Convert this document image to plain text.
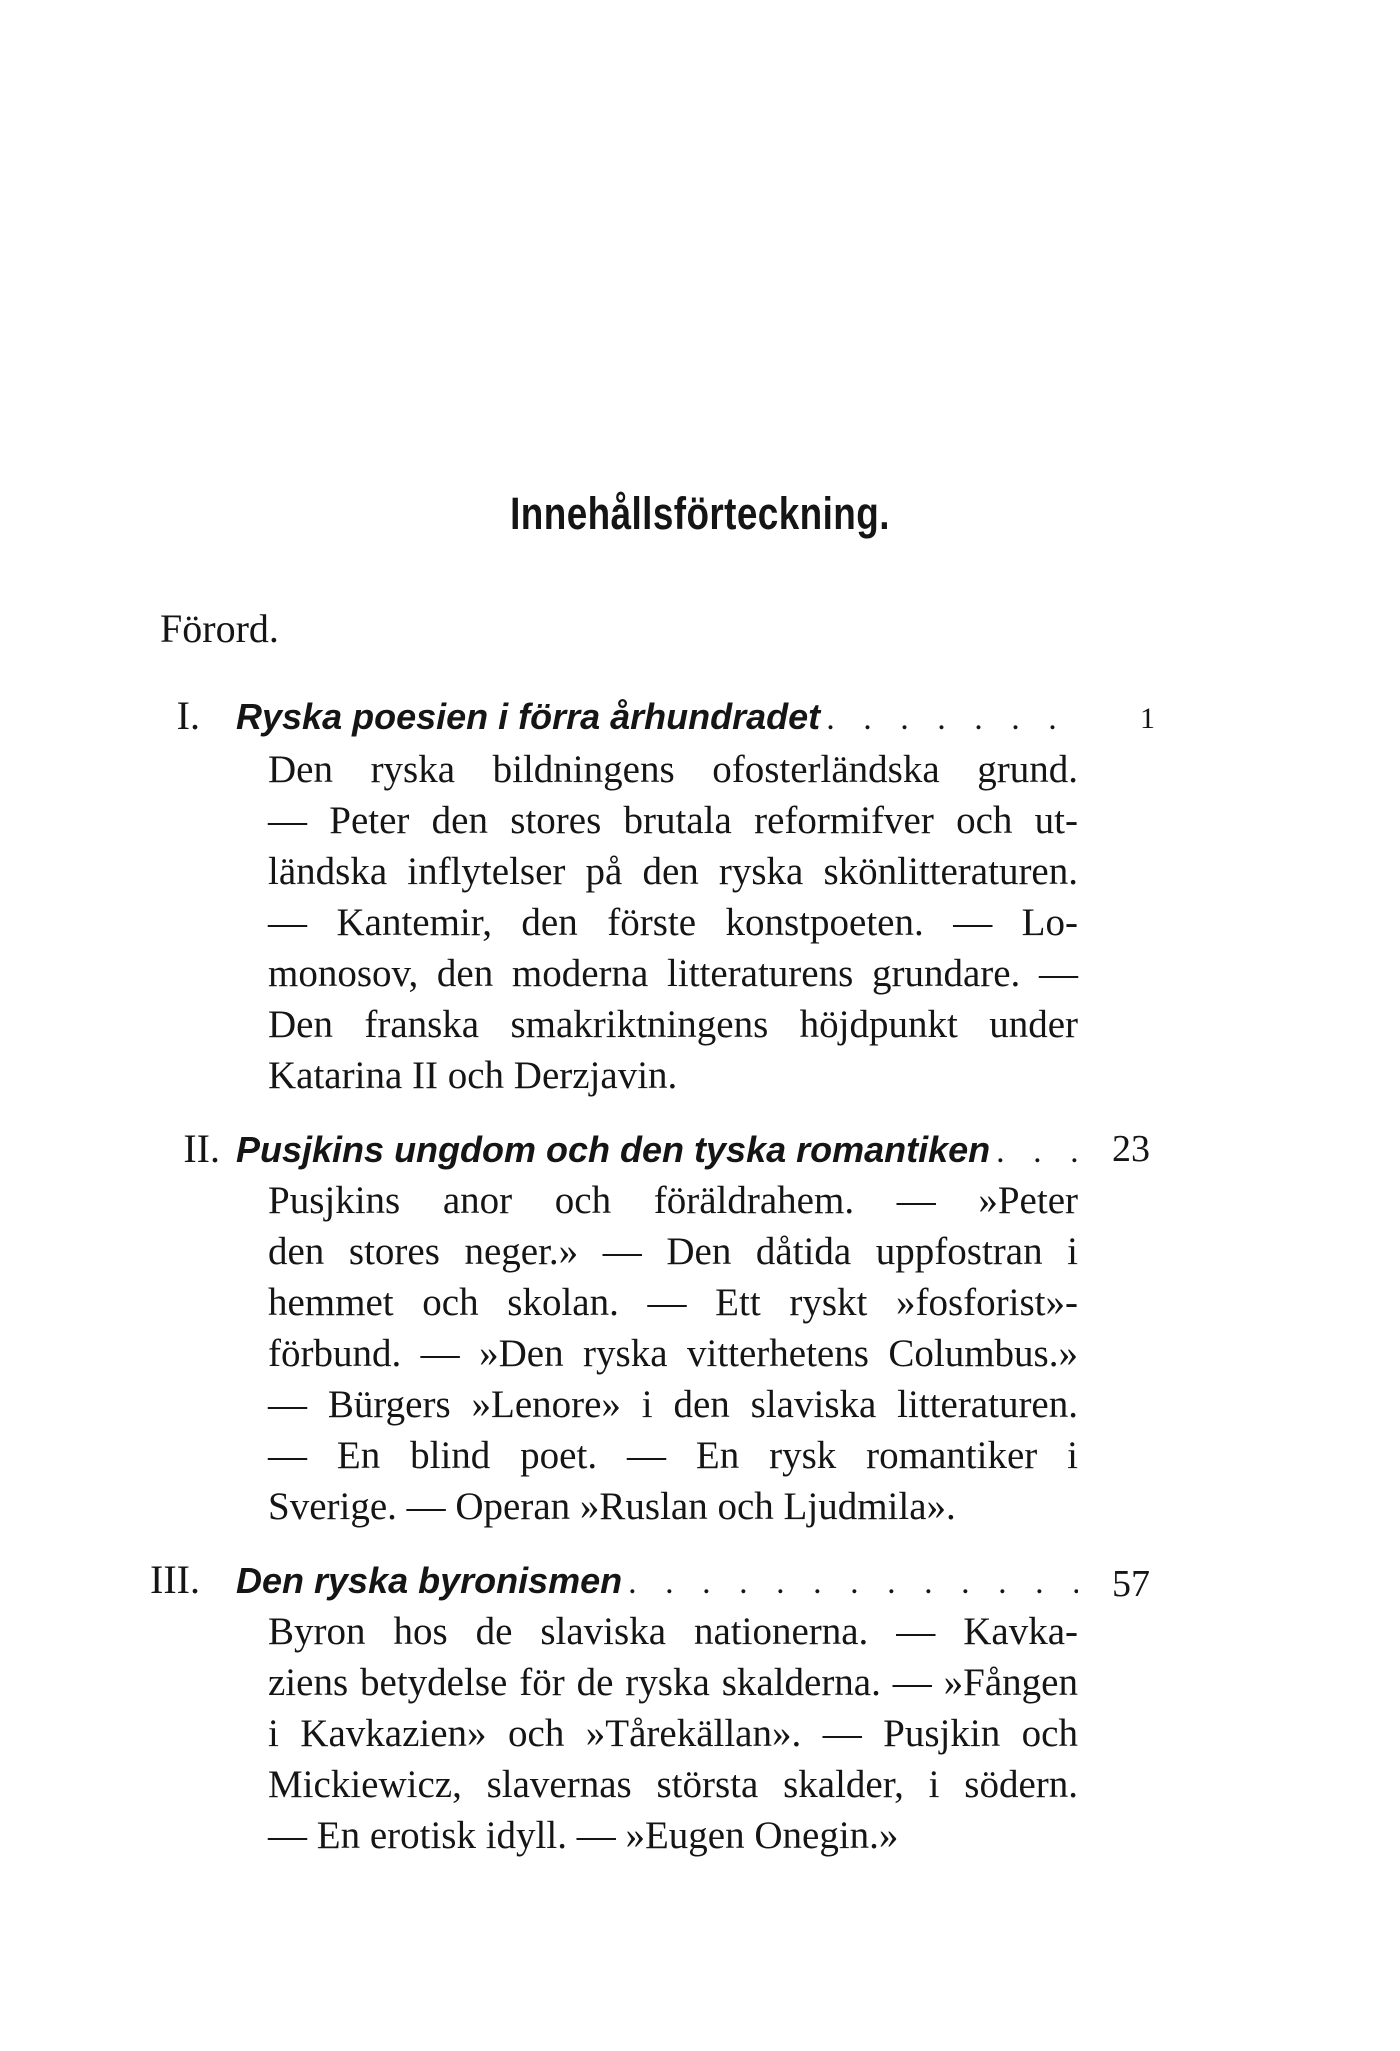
Innehållsförteckning.

Förord.

I. Ryska poesien i förra århundradet . . .	1
Den ryska bildningens ofosterländska grund.
— Peter den stores brutala reformifver och ut-
ländska inflytelser på den ryska skönlitteraturen.
— Kantemir, den förste konstpoeten. — Lo-
monosov, den moderna litteraturens grundare. —
Den franska smakriktningens höjdpunkt under
Katarina II och Derzjavin.
II. Pusjkins ungdom och den tyska romantiken . . .	23
Pusjkins anor och föräldrahem. — »Peter
den stores neger.» — Den dåtida uppfostran i
hemmet och skolan. — Ett ryskt »fosforist»-
förbund. — »Den ryska vitterhetens Columbus.»
— Bürgers »Lenore» i den slaviska litteraturen.
— En blind poet. — En rysk romantiker i
Sverige. — Operan »Ruslan och Ljudmila».
III. Den ryska byronismen . . .	57
Byron hos de slaviska nationerna. — Kavka-
ziens betydelse för de ryska skalderna. — »Fången
i Kavkazien» och »Tårekällan». — Pusjkin och
Mickiewicz, slavernas största skalder, i södern.
— En erotisk idyll. — »Eugen Onegin.»
